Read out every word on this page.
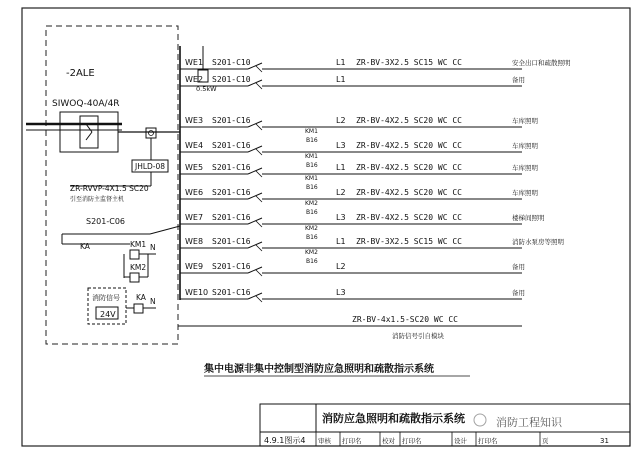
-2ALE
SIWOQ-40A/4R
JHLD-08
ZR-RVVP-4X1.5 SC20
引至消防主监督主机
0.5kW
WE1 S201-C10	L1 ZR-BV-3X2.5 SC15 WC CC	安全出口和疏散照明
WE2 S201-C10	L1	备用
WE3 S201-C16	L2 ZR-BV-4X2.5 SC20 WC CC	车库照明
KM1
B16
WE4 S201-C16	L3 ZR-BV-4X2.5 SC20 WC CC	车库照明
KM1
B16
WE5 S201-C16	L1 ZR-BV-4X2.5 SC20 WC CC	车库照明
KM1
B16
WE6 S201-C16	L2 ZR-BV-4X2.5 SC20 WC CC	车库照明
KM2
B16
WE7 S201-C16	L3 ZR-BV-4X2.5 SC20 WC CC	楼梯间照明
KM2
B16
WE8 S201-C16	L1 ZR-BV-3X2.5 SC15 WC CC	消防水泵房等照明
KM2
B16
WE9 S201-C16	L2	备用
WE10 S201-C16	L3	备用
S201-C06
KA	KM1 N
KM2
消防信号
24V
KA N
ZR-BV-4x1.5-SC20 WC CC
消防信号引自模块
集中电源非集中控制型消防应急照明和疏散指示系统
消防应急照明和疏散指示系统	消防工程知识
4.9.1图示4 审核 打印名	校对 打印名	设计 打印名	页	31
